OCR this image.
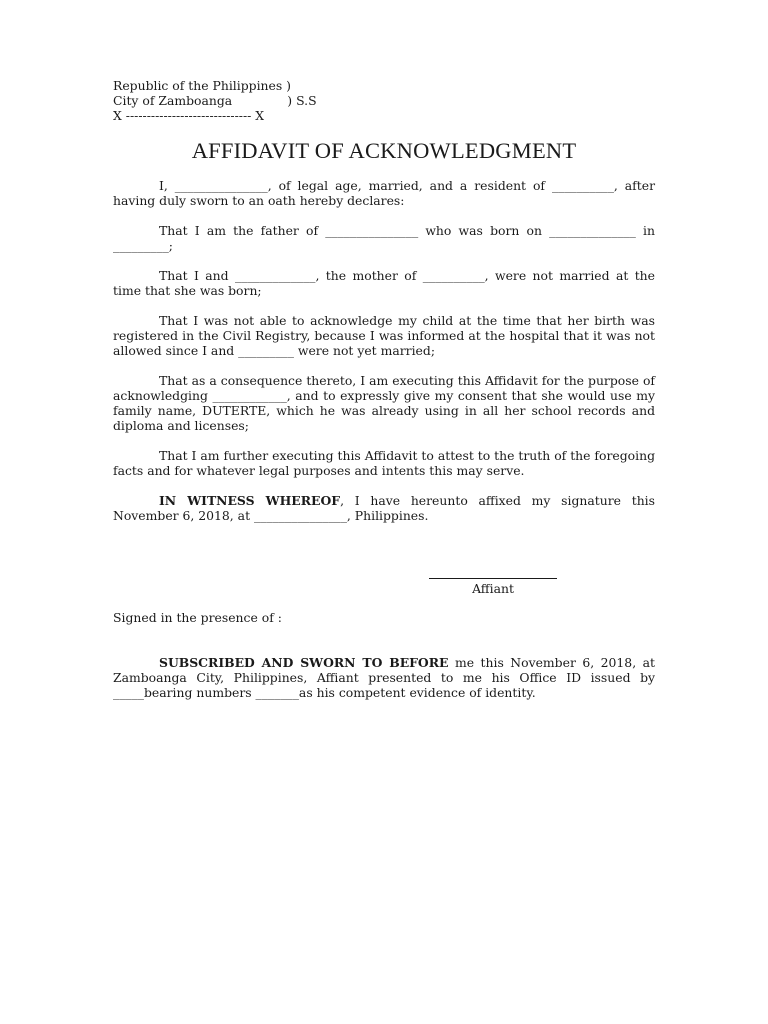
Republic of the Philippines )
City of Zamboanga              ) S.S
X ------------------------------ X
AFFIDAVIT OF ACKNOWLEDGMENT

I, _______________, of legal age, married, and a resident of __________, after having duly sworn to an oath hereby declares:

That I am the father of _______________ who was born on ______________ in _________;

That I and _____________, the mother of __________, were not married at the time that she was born;

That I was not able to acknowledge my child at the time that her birth was registered in the Civil Registry, because I was informed at the hospital that it was not allowed since I and _________ were not yet married;

That as a consequence thereto, I am executing this Affidavit for the purpose of acknowledging ____________, and to expressly give my consent that she would use my family name, DUTERTE, which he was already using in all her school records and diploma and licenses;

That I am further executing this Affidavit to attest to the truth of the foregoing facts and for whatever legal purposes and intents this may serve.

IN WITNESS WHEREOF, I have hereunto affixed my signature this November 6, 2018, at _______________, Philippines.

Affiant
Signed in the presence of :

SUBSCRIBED AND SWORN TO BEFORE me this November 6, 2018, at Zamboanga City, Philippines, Affiant presented to me his Office ID issued by _____bearing numbers _______as his competent evidence of identity.
